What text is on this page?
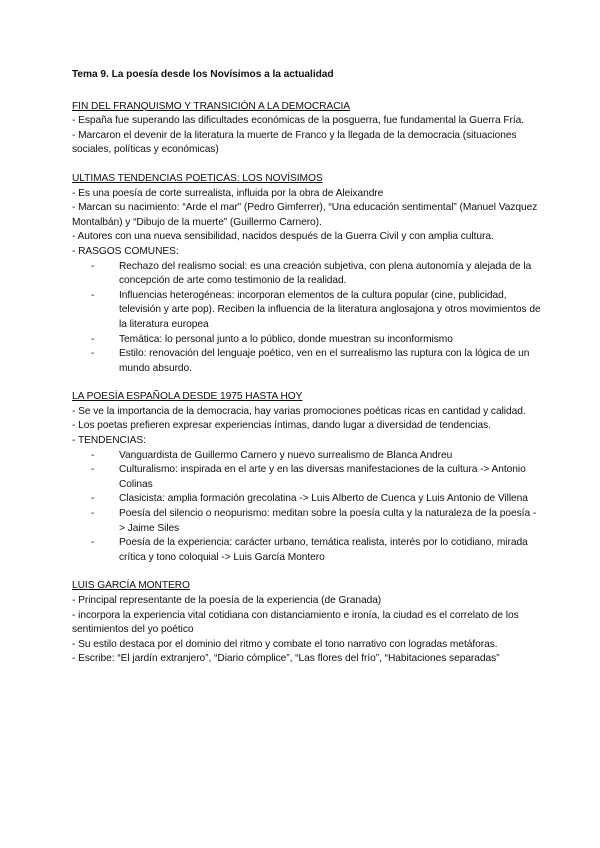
Tema 9. La poesía desde los Novísimos a la actualidad

FIN DEL FRANQUISMO Y TRANSICIÓN A LA DEMOCRACIA

- España fue superando las dificultades económicas de la posguerra, fue fundamental la Guerra Fría.

- Marcaron el devenir de la literatura la muerte de Franco y la llegada de la democracia (situaciones sociales, políticas y económicas)

ULTIMAS TENDENCIAS POETICAS: LOS NOVÍSIMOS

- Es una poesía de corte surrealista, influida por la obra de Aleixandre

- Marcan su nacimiento: “Arde el mar” (Pedro Gimferrer), “Una educación sentimental” (Manuel Vazquez Montalbán) y “Dibujo de la muerte” (Guillermo Carnero).

- Autores con una nueva sensibilidad, nacidos después de la Guerra Civil y con amplia cultura.

- RASGOS COMUNES:

- Rechazo del realismo social: es una creación subjetiva, con plena autonomía y alejada de la concepción de arte como testimonio de la realidad.
- Influencias heterogéneas: incorporan elementos de la cultura popular (cine, publicidad, televisión y arte pop). Reciben la influencia de la literatura anglosajona y otros movimientos de la literatura europea
- Temática: lo personal junto a lo público, donde muestran su inconformismo
- Estilo: renovación del lenguaje poético, ven en el surrealismo las ruptura con la lógica de un mundo absurdo.

LA POESÍA ESPAÑOLA DESDE 1975 HASTA HOY

- Se ve la importancia de la democracia, hay varias promociones poéticas ricas en cantidad y calidad.

- Los poetas prefieren expresar experiencias íntimas, dando lugar a diversidad de tendencias.

- TENDENCIAS:

- Vanguardista de Guillermo Carnero y nuevo surrealismo de Blanca Andreu
- Culturalismo: inspirada en el arte y en las diversas manifestaciones de la cultura -> Antonio Colinas
- Clasicista: amplia formación grecolatina -> Luis Alberto de Cuenca y Luis Antonio de Villena
- Poesía del silencio o neopurismo: meditan sobre la poesía culta y la naturaleza de la poesía -> Jaime Siles
- Poesía de la experiencia: carácter urbano, temática realista, interés por lo cotidiano, mirada crítica y tono coloquial -> Luis García Montero

LUIS GARCÍA MONTERO

- Principal representante de la poesía de la experiencia (de Granada)

- incorpora la experiencia vital cotidiana con distanciamiento e ironía, la ciudad es el correlato de los sentimientos del yo poético

- Su estilo destaca por el dominio del ritmo y combate el tono narrativo con logradas metáforas.

- Escribe: “El jardín extranjero”, “Diario cómplice”, “Las flores del frío”, “Habitaciones separadas”
